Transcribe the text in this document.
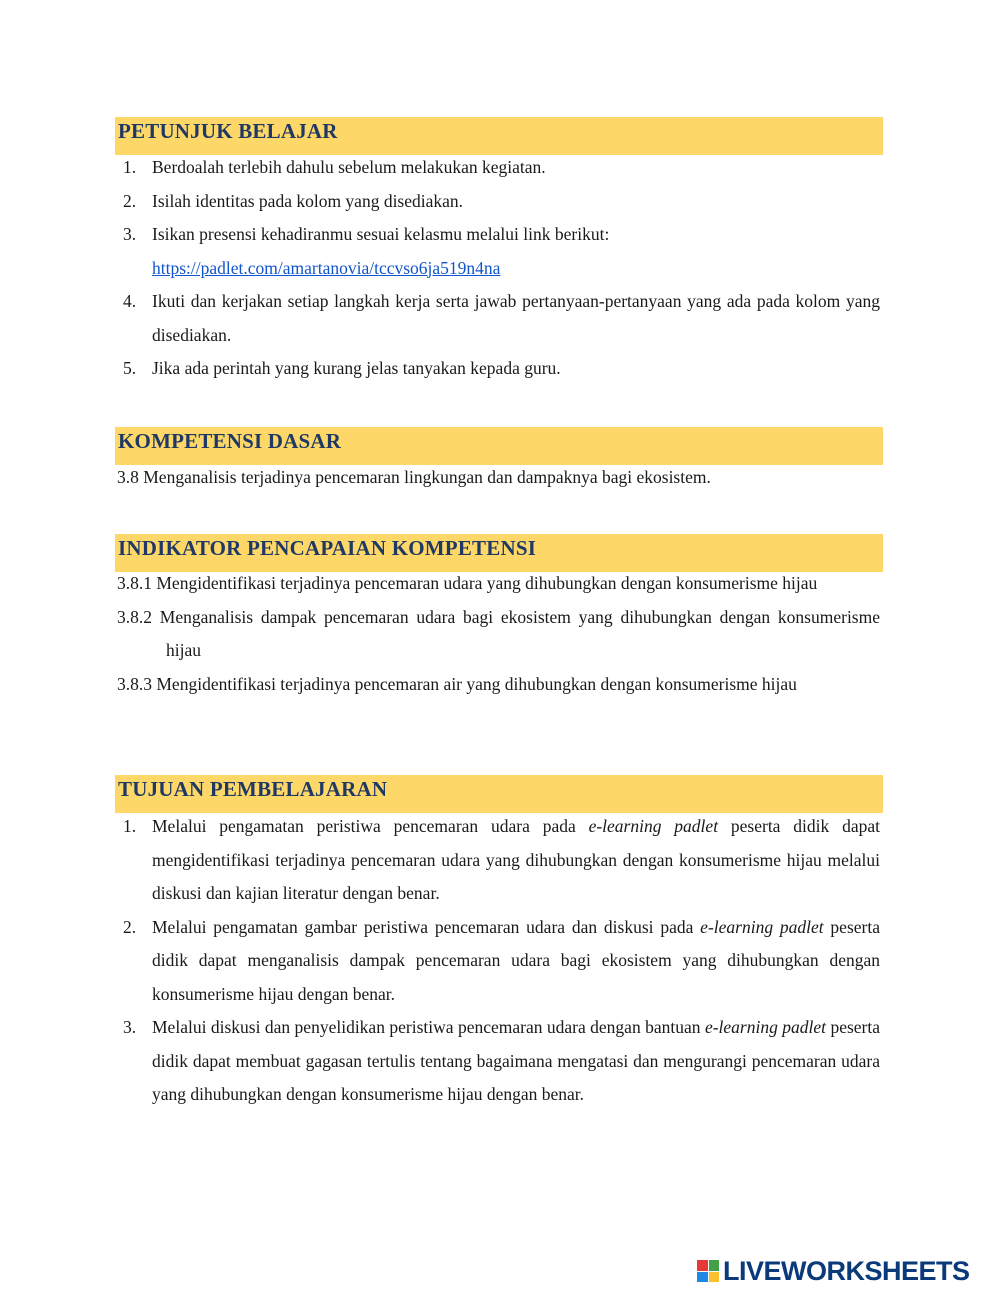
PETUNJUK BELAJAR
1. Berdoalah terlebih dahulu sebelum melakukan kegiatan.
2. Isilah identitas pada kolom yang disediakan.
3. Isikan presensi kehadiranmu sesuai kelasmu melalui link berikut:
https://padlet.com/amartanovia/tccvso6ja519n4na
4. Ikuti dan kerjakan setiap langkah kerja serta jawab pertanyaan-pertanyaan yang ada pada kolom yang disediakan.
5. Jika ada perintah yang kurang jelas tanyakan kepada guru.
KOMPETENSI DASAR
3.8 Menganalisis terjadinya pencemaran lingkungan dan dampaknya bagi ekosistem.
INDIKATOR PENCAPAIAN KOMPETENSI
3.8.1 Mengidentifikasi terjadinya pencemaran udara yang dihubungkan dengan konsumerisme hijau
3.8.2 Menganalisis dampak pencemaran udara bagi ekosistem yang dihubungkan dengan konsumerisme hijau
3.8.3 Mengidentifikasi terjadinya pencemaran air yang dihubungkan dengan konsumerisme hijau
TUJUAN PEMBELAJARAN
1. Melalui pengamatan peristiwa pencemaran udara pada e-learning padlet peserta didik dapat mengidentifikasi terjadinya pencemaran udara yang dihubungkan dengan konsumerisme hijau melalui diskusi dan kajian literatur dengan benar.
2. Melalui pengamatan gambar peristiwa pencemaran udara dan diskusi pada e-learning padlet peserta didik dapat menganalisis dampak pencemaran udara bagi ekosistem yang dihubungkan dengan konsumerisme hijau dengan benar.
3. Melalui diskusi dan penyelidikan peristiwa pencemaran udara dengan bantuan e-learning padlet peserta didik dapat membuat gagasan tertulis tentang bagaimana mengatasi dan mengurangi pencemaran udara yang dihubungkan dengan konsumerisme hijau dengan benar.
LIVEWORKSHEETS
